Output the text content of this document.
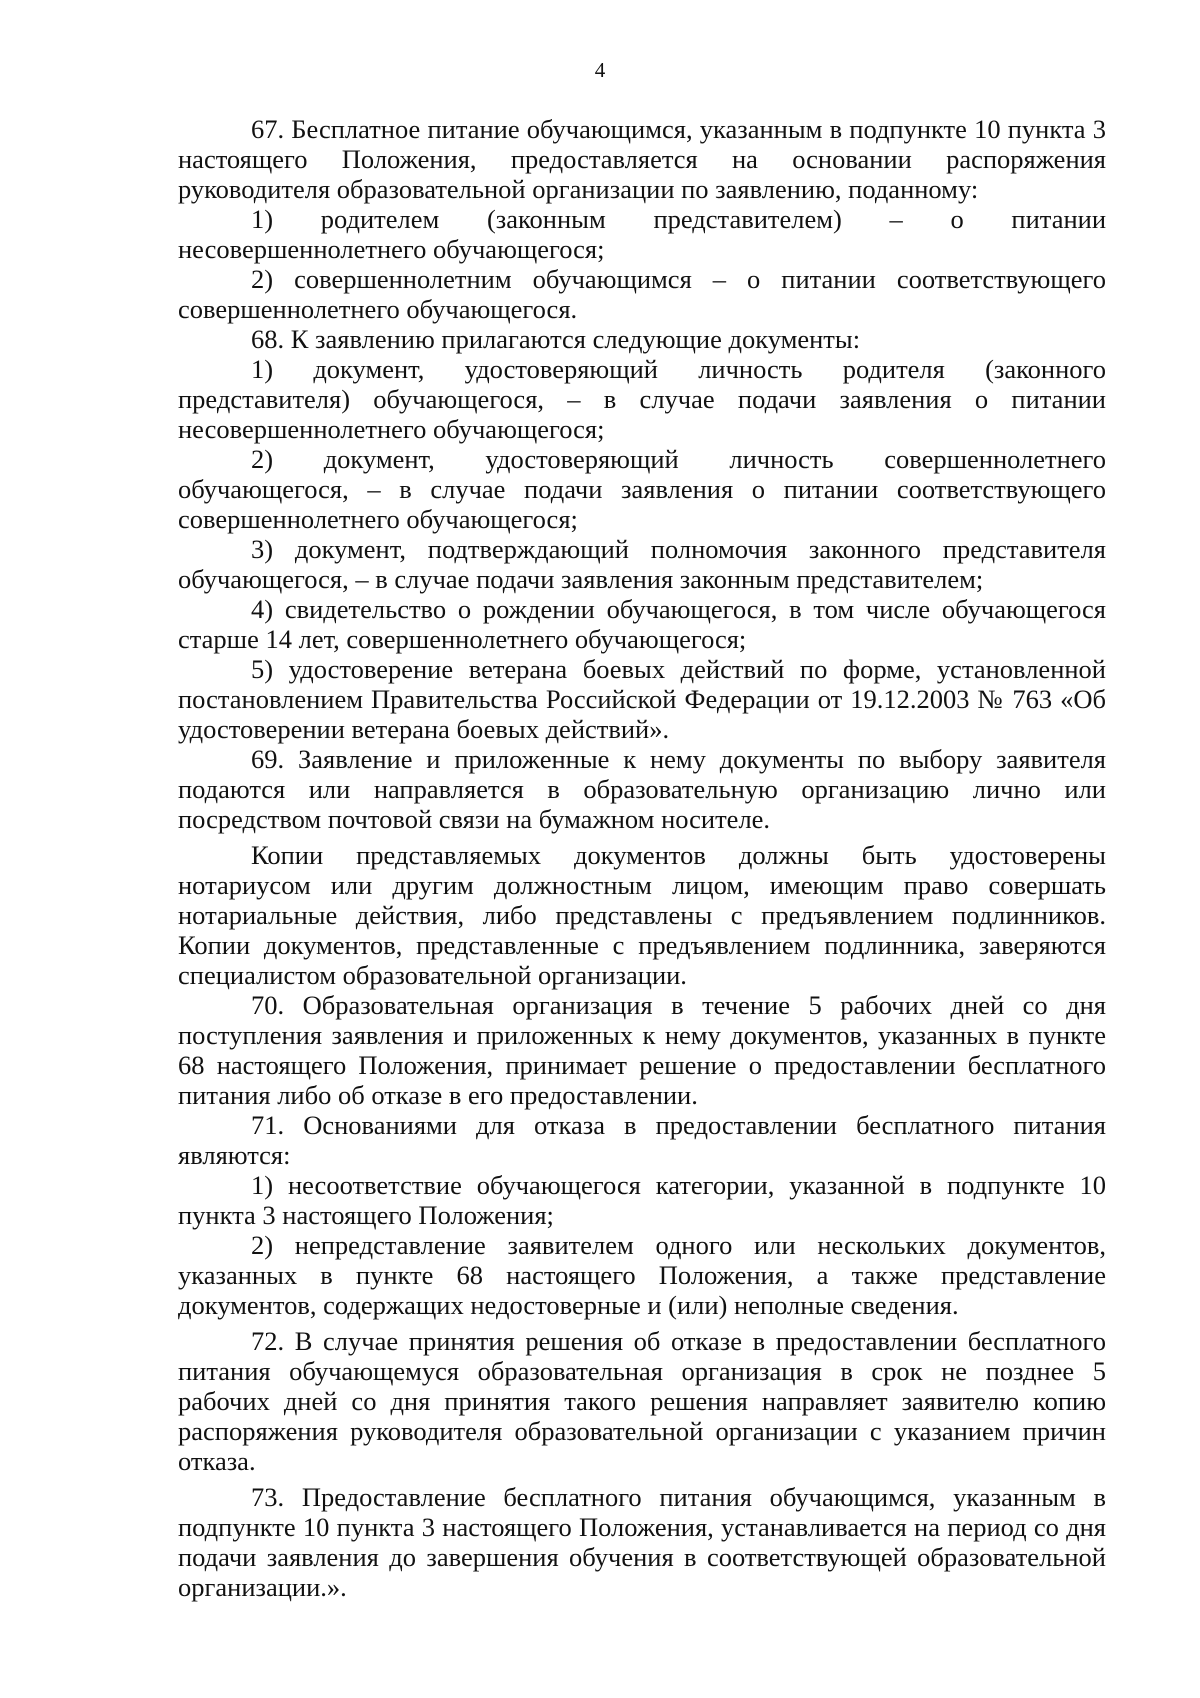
4

67. Бесплатное питание обучающимся, указанным в подпункте 10 пункта 3 настоящего Положения, предоставляется на основании распоряжения руководителя образовательной организации по заявлению, поданному:

1) родителем (законным представителем) – о питании несовершеннолетнего обучающегося;

2) совершеннолетним обучающимся – о питании соответствующего совершеннолетнего обучающегося.

68. К заявлению прилагаются следующие документы:

1) документ, удостоверяющий личность родителя (законного представителя) обучающегося, – в случае подачи заявления о питании несовершеннолетнего обучающегося;

2) документ, удостоверяющий личность совершеннолетнего обучающегося, – в случае подачи заявления о питании соответствующего совершеннолетнего обучающегося;

3) документ, подтверждающий полномочия законного представителя обучающегося, – в случае подачи заявления законным представителем;

4) свидетельство о рождении обучающегося, в том числе обучающегося старше 14 лет, совершеннолетнего обучающегося;

5) удостоверение ветерана боевых действий по форме, установленной постановлением Правительства Российской Федерации от 19.12.2003 № 763 «Об удостоверении ветерана боевых действий».

69. Заявление и приложенные к нему документы по выбору заявителя подаются или направляется в образовательную организацию лично или посредством почтовой связи на бумажном носителе.

Копии представляемых документов должны быть удостоверены нотариусом или другим должностным лицом, имеющим право совершать нотариальные действия, либо представлены с предъявлением подлинников. Копии документов, представленные с предъявлением подлинника, заверяются специалистом образовательной организации.

70. Образовательная организация в течение 5 рабочих дней со дня поступления заявления и приложенных к нему документов, указанных в пункте 68 настоящего Положения, принимает решение о предоставлении бесплатного питания либо об отказе в его предоставлении.

71. Основаниями для отказа в предоставлении бесплатного питания являются:

1) несоответствие обучающегося категории, указанной в подпункте 10 пункта 3 настоящего Положения;

2) непредставление заявителем одного или нескольких документов, указанных в пункте 68 настоящего Положения, а также представление документов, содержащих недостоверные и (или) неполные сведения.

72. В случае принятия решения об отказе в предоставлении бесплатного питания обучающемуся образовательная организация в срок не позднее 5 рабочих дней со дня принятия такого решения направляет заявителю копию распоряжения руководителя образовательной организации с указанием причин отказа.

73. Предоставление бесплатного питания обучающимся, указанным в подпункте 10 пункта 3 настоящего Положения, устанавливается на период со дня подачи заявления до завершения обучения в соответствующей образовательной организации.».
